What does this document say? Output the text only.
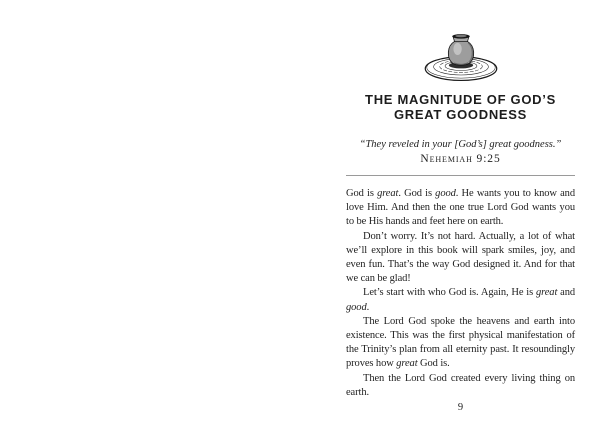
THE MAGNITUDE OF GOD’S
GREAT GOODNESS
“They reveled in your [God’s] great goodness.”
Nehemiah 9:25

God is great. God is good. He wants you to know and love Him. And then the one true Lord God wants you to be His hands and feet here on earth.

Don’t worry. It’s not hard. Actually, a lot of what we’ll explore in this book will spark smiles, joy, and even fun. That’s the way God designed it. And for that we can be glad!

Let’s start with who God is. Again, He is great and good.

The Lord God spoke the heavens and earth into existence. This was the first physical manifestation of the Trinity’s plan from all eternity past. It resoundingly proves how great God is.

Then the Lord God created every living thing on earth.

9
